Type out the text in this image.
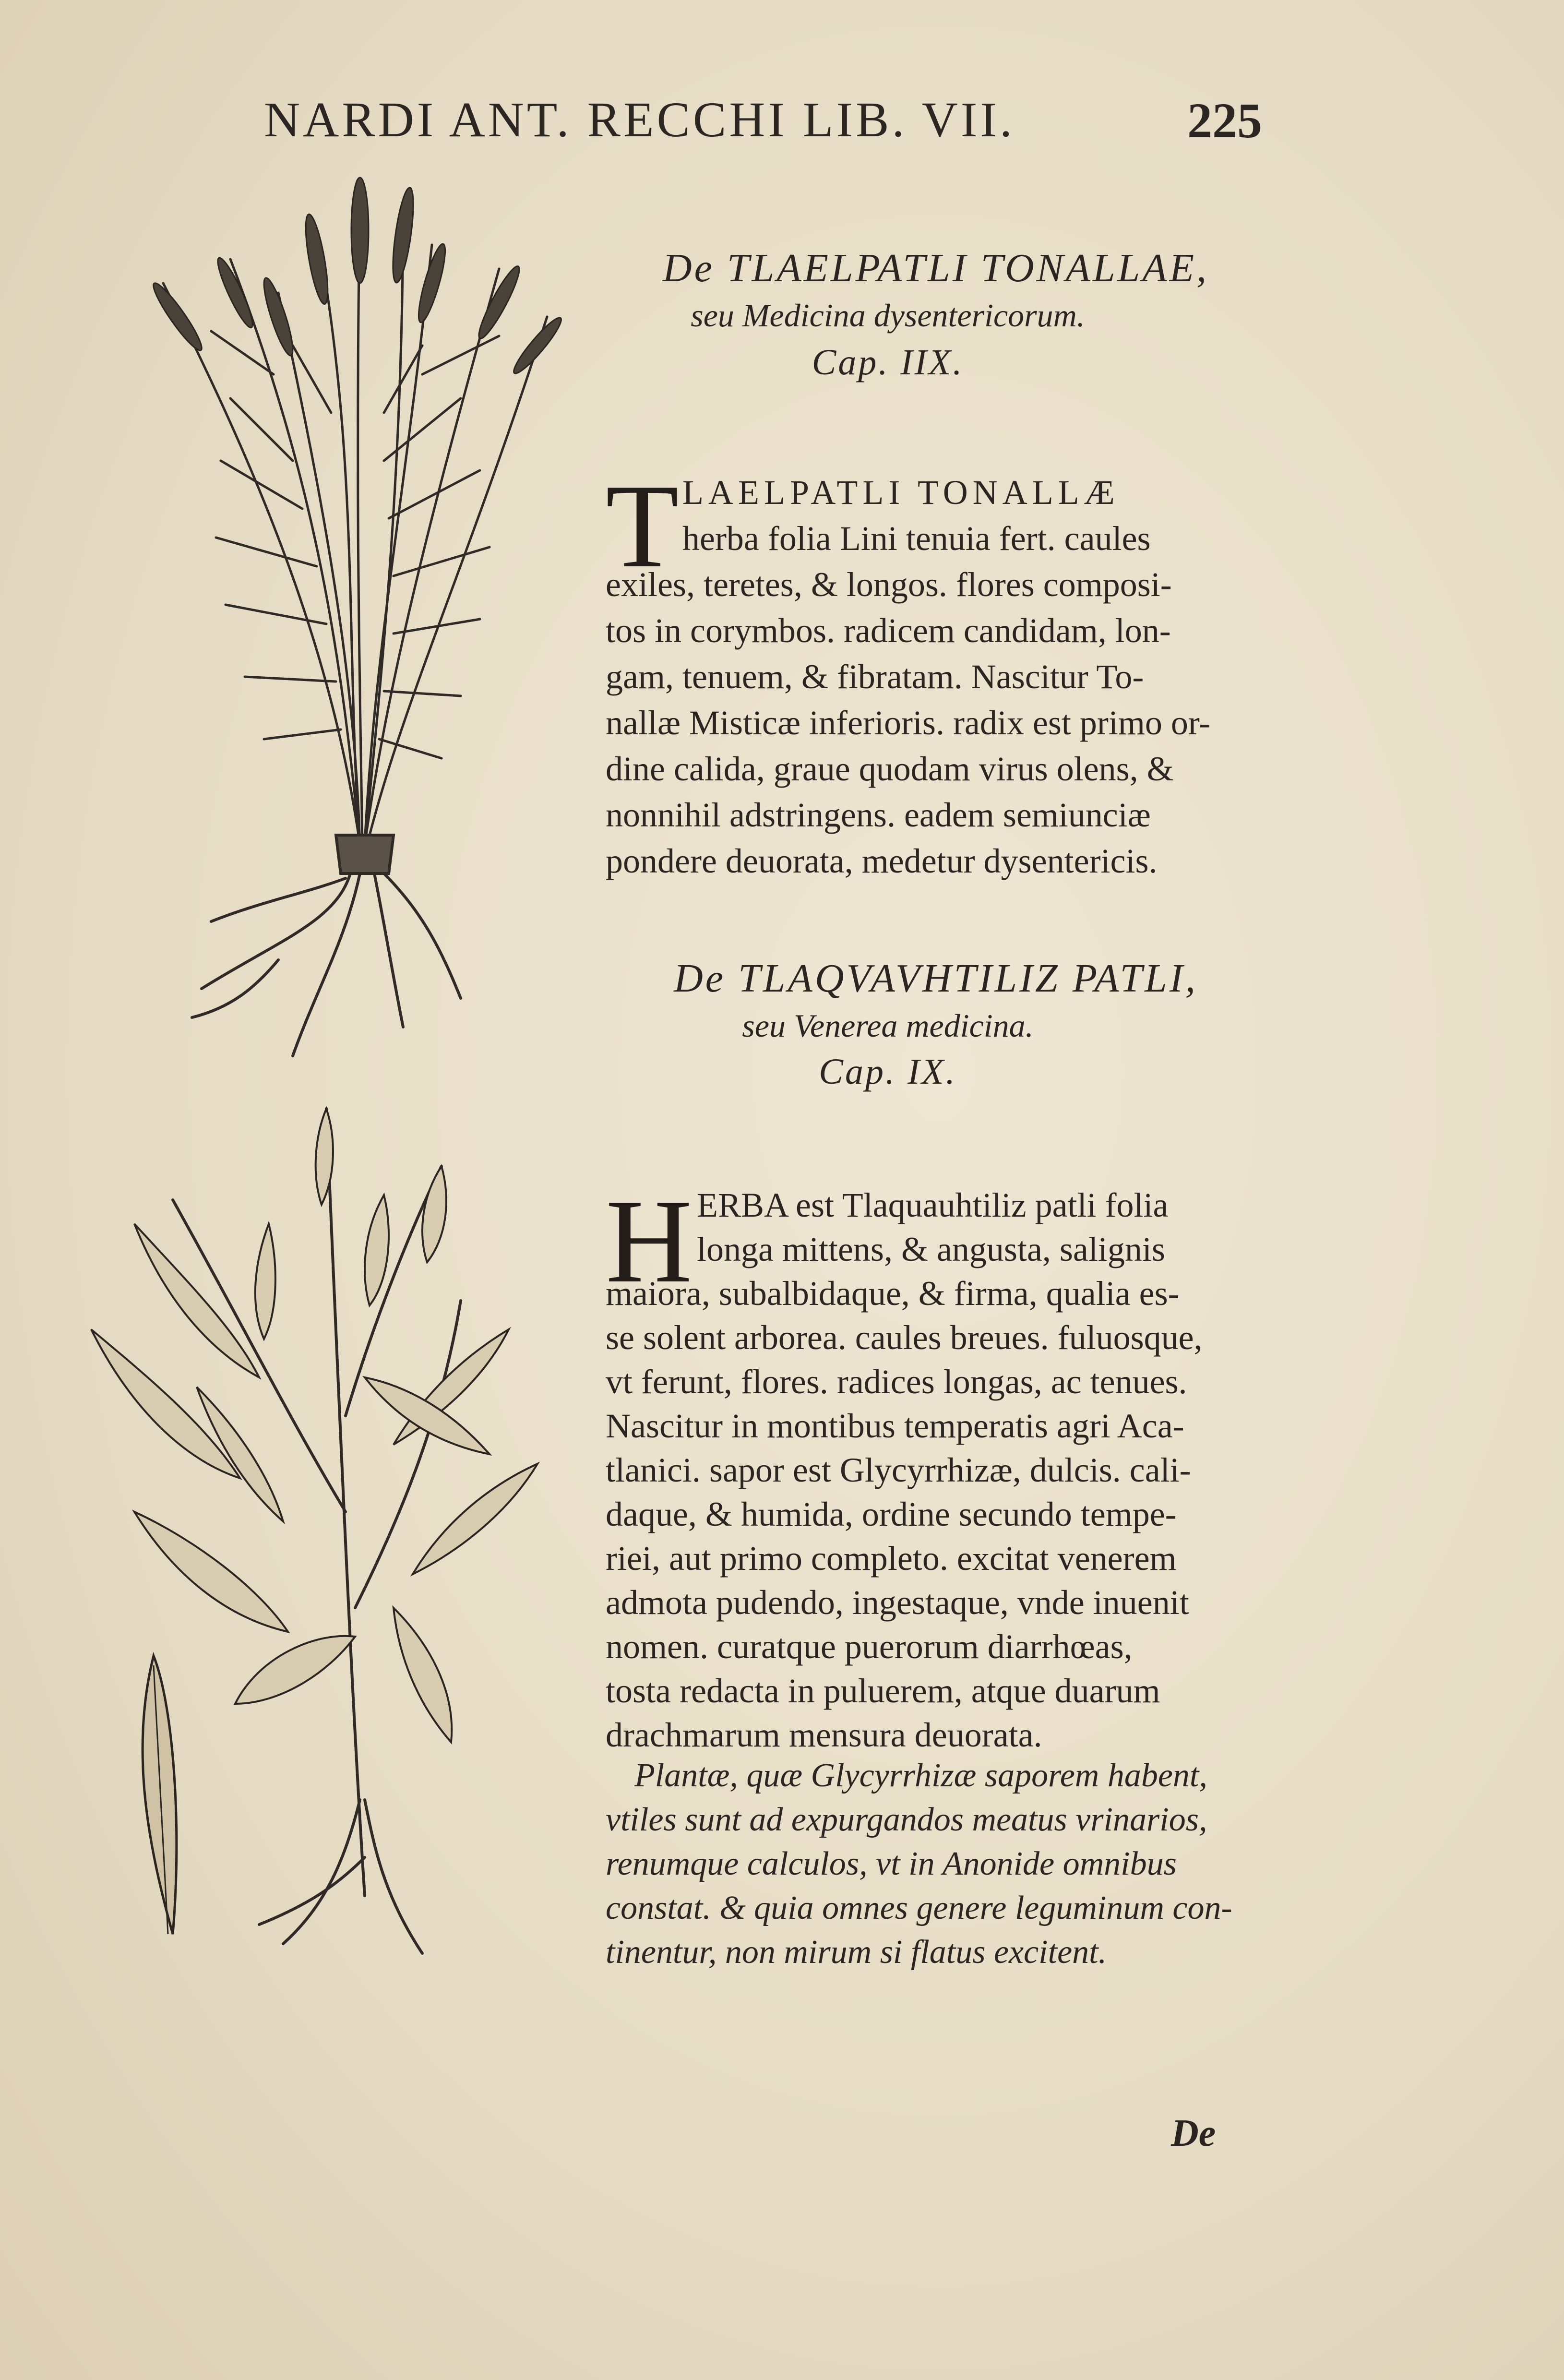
NARDI ANT. RECCHI LIB. VII.	225
De TLAELPATLI TONALLAE,
seu Medicina dysentericorum.
Cap. IIX.
T LAELPATLI TONALLÆ
herba folia Lini tenuia fert. caules
exiles, teretes, & longos. flores composi-
tos in corymbos. radicem candidam, lon-
gam, tenuem, & fibratam. Nascitur To-
nallæ Misticæ inferioris. radix est primo or-
dine calida, graue quodam virus olens, &
nonnihil adstringens. eadem semiunciæ
pondere deuorata, medetur dysentericis.
De TLAQVAVHTILIZ PATLI,
seu Venerea medicina.
Cap. IX.
H ERBA est Tlaquauhtiliz patli folia
longa mittens, & angusta, salignis
maiora, subalbidaque, & firma, qualia es-
se solent arborea. caules breues. fuluosque,
vt ferunt, flores. radices longas, ac tenues.
Nascitur in montibus temperatis agri Aca-
tlanici. sapor est Glycyrrhizæ, dulcis. cali-
daque, & humida, ordine secundo tempe-
riei, aut primo completo. excitat venerem
admota pudendo, ingestaque, vnde inuenit
nomen. curatque puerorum diarrhœas,
tosta redacta in puluerem, atque duarum
drachmarum mensura deuorata.
Plantæ, quæ Glycyrrhizæ saporem habent,
vtiles sunt ad expurgandos meatus vrinarios,
renumque calculos, vt in Anonide omnibus
constat. & quia omnes genere leguminum con-
tinentur, non mirum si flatus excitent.
De
